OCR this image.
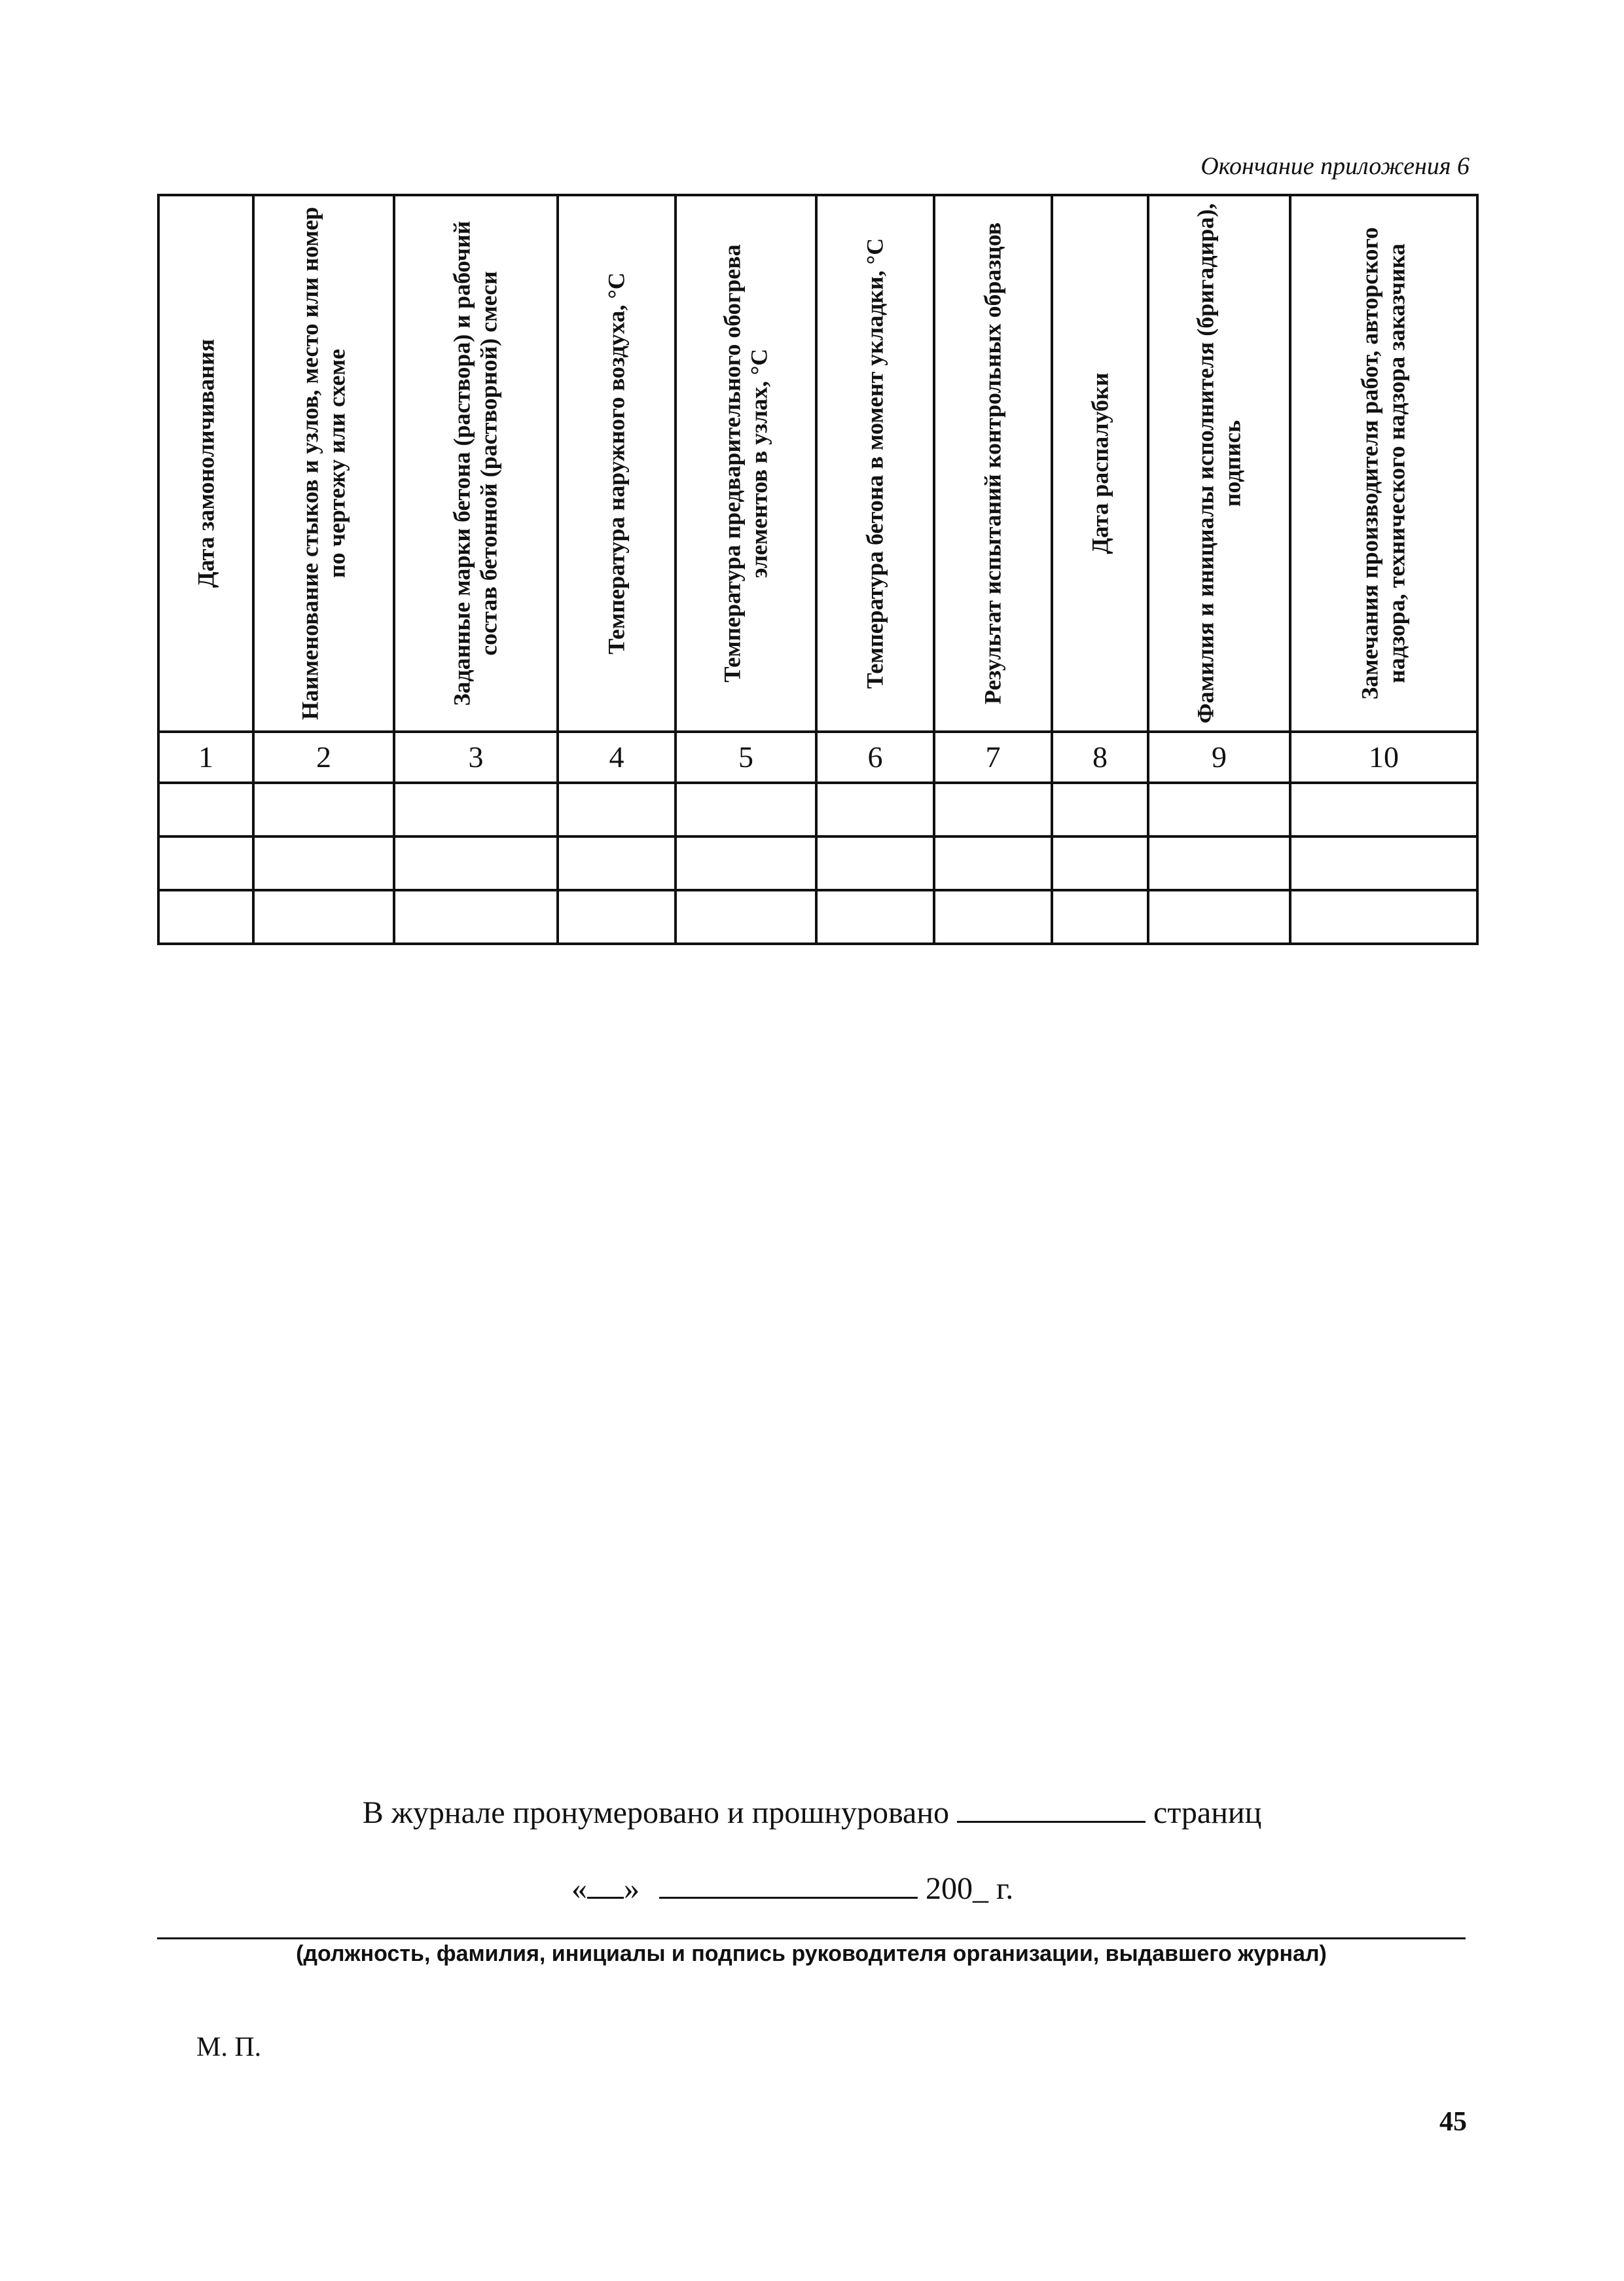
Окончание приложения 6
Дата замоноличивания	Наименование стыков и узлов, место или номер по чертежу или схеме	Заданные марки бетона (раствора) и рабочий состав бетонной (растворной) смеси	Температура наружного воздуха, °С	Температура предварительного обогрева элементов в узлах, °С	Температура бетона в момент укладки, °С	Результат испытаний контрольных образцов	Дата распалубки	Фамилия и инициалы исполнителя (бригадира), подпись	Замечания производителя работ, авторского надзора, технического надзора заказчика

1	2	3	4	5	6	7	8	9	10

В журнале пронумеровано и прошнуровано	страниц
« »	200_ г.
(должность, фамилия, инициалы и подпись руководителя организации, выдавшего журнал)
М. П.
45
